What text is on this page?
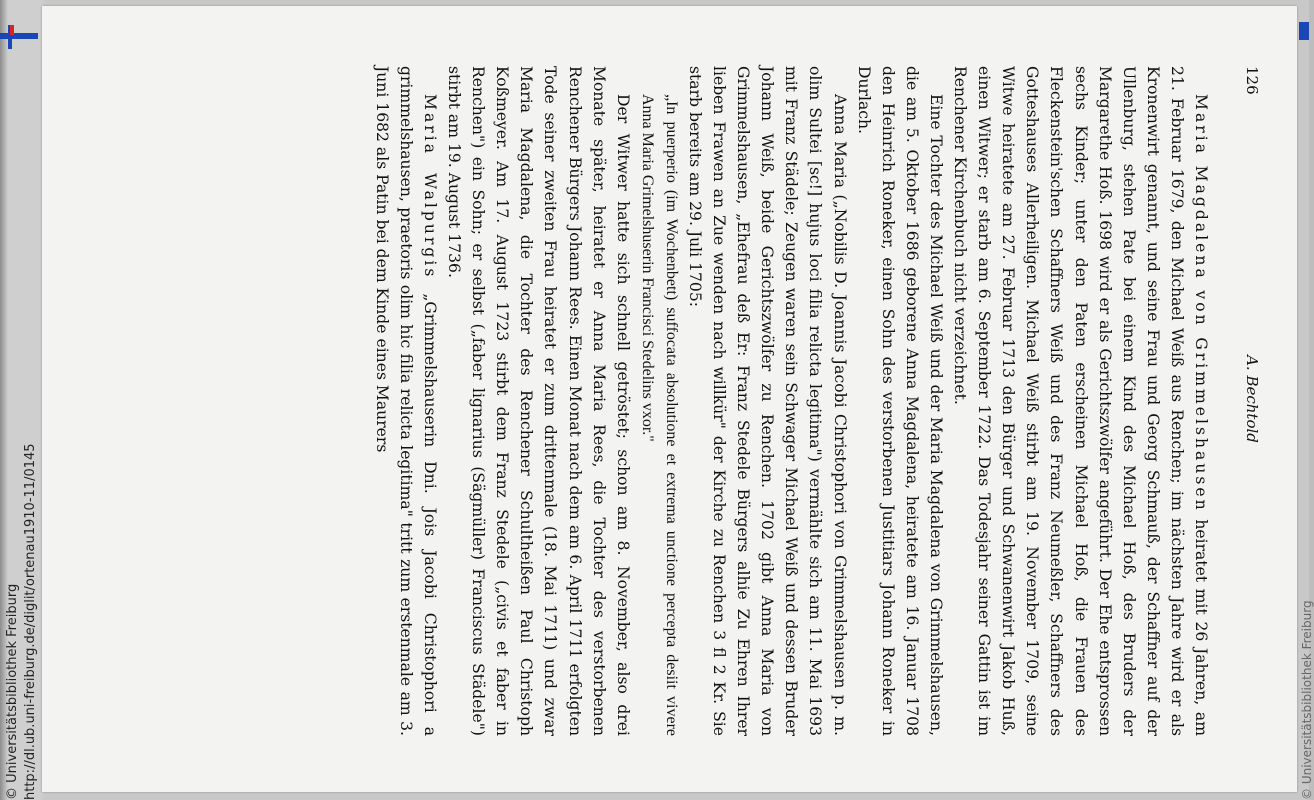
http://dl.ub.uni-freiburg.de/diglit/ortenau1910-11/0145
© Universitätsbibliothek Freiburg	© Universitätsbibliothek Freiburg
126
A. Bechtold

Maria Magdalena von Grimmelshausen heiratet mit 26 Jahren, am 21. Februar 1679, den Michael Weiß aus Renchen; im nächsten Jahre wird er als Kronenwirt genannt, und seine Frau und Georg Schmauß, der Schaffner auf der Ullenburg, stehen Pate bei einem Kind des Michael Hoß, des Bruders der Margarethe Hoß. 1698 wird er als Gerichtszwölfer angeführt. Der Ehe entsprossen sechs Kinder; unter den Paten erscheinen Michael Hoß, die Frauen des Fleckenstein'schen Schaffners Weiß und des Franz Neumeßler, Schaffners des Gotteshauses Allerheiligen. Michael Weiß stirbt am 19. November 1709, seine Witwe heiratete am 27. Februar 1713 den Bürger und Schwanenwirt Jakob Huß, einen Witwer; er starb am 6. September 1722. Das Todesjahr seiner Gattin ist im Renchener Kirchenbuch nicht verzeichnet.

Eine Tochter des Michael Weiß und der Maria Magdalena von Grimmelshausen, die am 5. Oktober 1686 geborene Anna Magdalena, heiratete am 16. Januar 1708 den Heinrich Roneker, einen Sohn des verstorbenen Justitiars Johann Roneker in Durlach.

Anna Maria („Nobilis D. Joannis Jacobi Christophori von Grimmelshausen p. m. olim Sultei [sc!] hujus loci filia relicta legitima") vermählte sich am 11. Mai 1693 mit Franz Städele; Zeugen waren sein Schwager Michael Weiß und dessen Bruder Johann Weiß, beide Gerichtszwölfer zu Renchen. 1702 gibt Anna Maria von Grimmelshausen, „Ehefrau deß Er: Franz Stedele Bürgers alhie Zu Ehren Ihrer lieben Frawen an Zue wenden nach willkür" der Kirche zu Renchen 3 fl 2 Kr. Sie starb bereits am 29. Juli 1705:

„In puerperio (im Wochenbett) suffocata absolutione et extrema unctione percepta desiit vivere Anna Maria Grimelshuserin Francisci Stedelins vxor."

Der Witwer hatte sich schnell getröstet; schon am 8. November, also drei Monate später, heiratet er Anna Maria Rees, die Tochter des verstorbenen Renchener Bürgers Johann Rees. Einen Monat nach dem am 6. April 1711 erfolgten Tode seiner zweiten Frau heiratet er zum drittenmale (18. Mai 1711) und zwar Maria Magdalena, die Tochter des Renchener Schultheißen Paul Christoph Koßmeyer. Am 17. August 1723 stirbt dem Franz Stedele („civis et faber in Renchen") ein Sohn; er selbst („faber lignarius (Sägmüller) Franciscus Städele") stirbt am 19. August 1736.

Maria Walpurgis „Grimmelshauserin Dni. Jois Jacobi Christophori a grimmelshausen, praetoris olim hic filia relicta legitima" tritt zum erstenmale am 3. Juni 1682 als Patin bei dem Kinde eines Maurers
